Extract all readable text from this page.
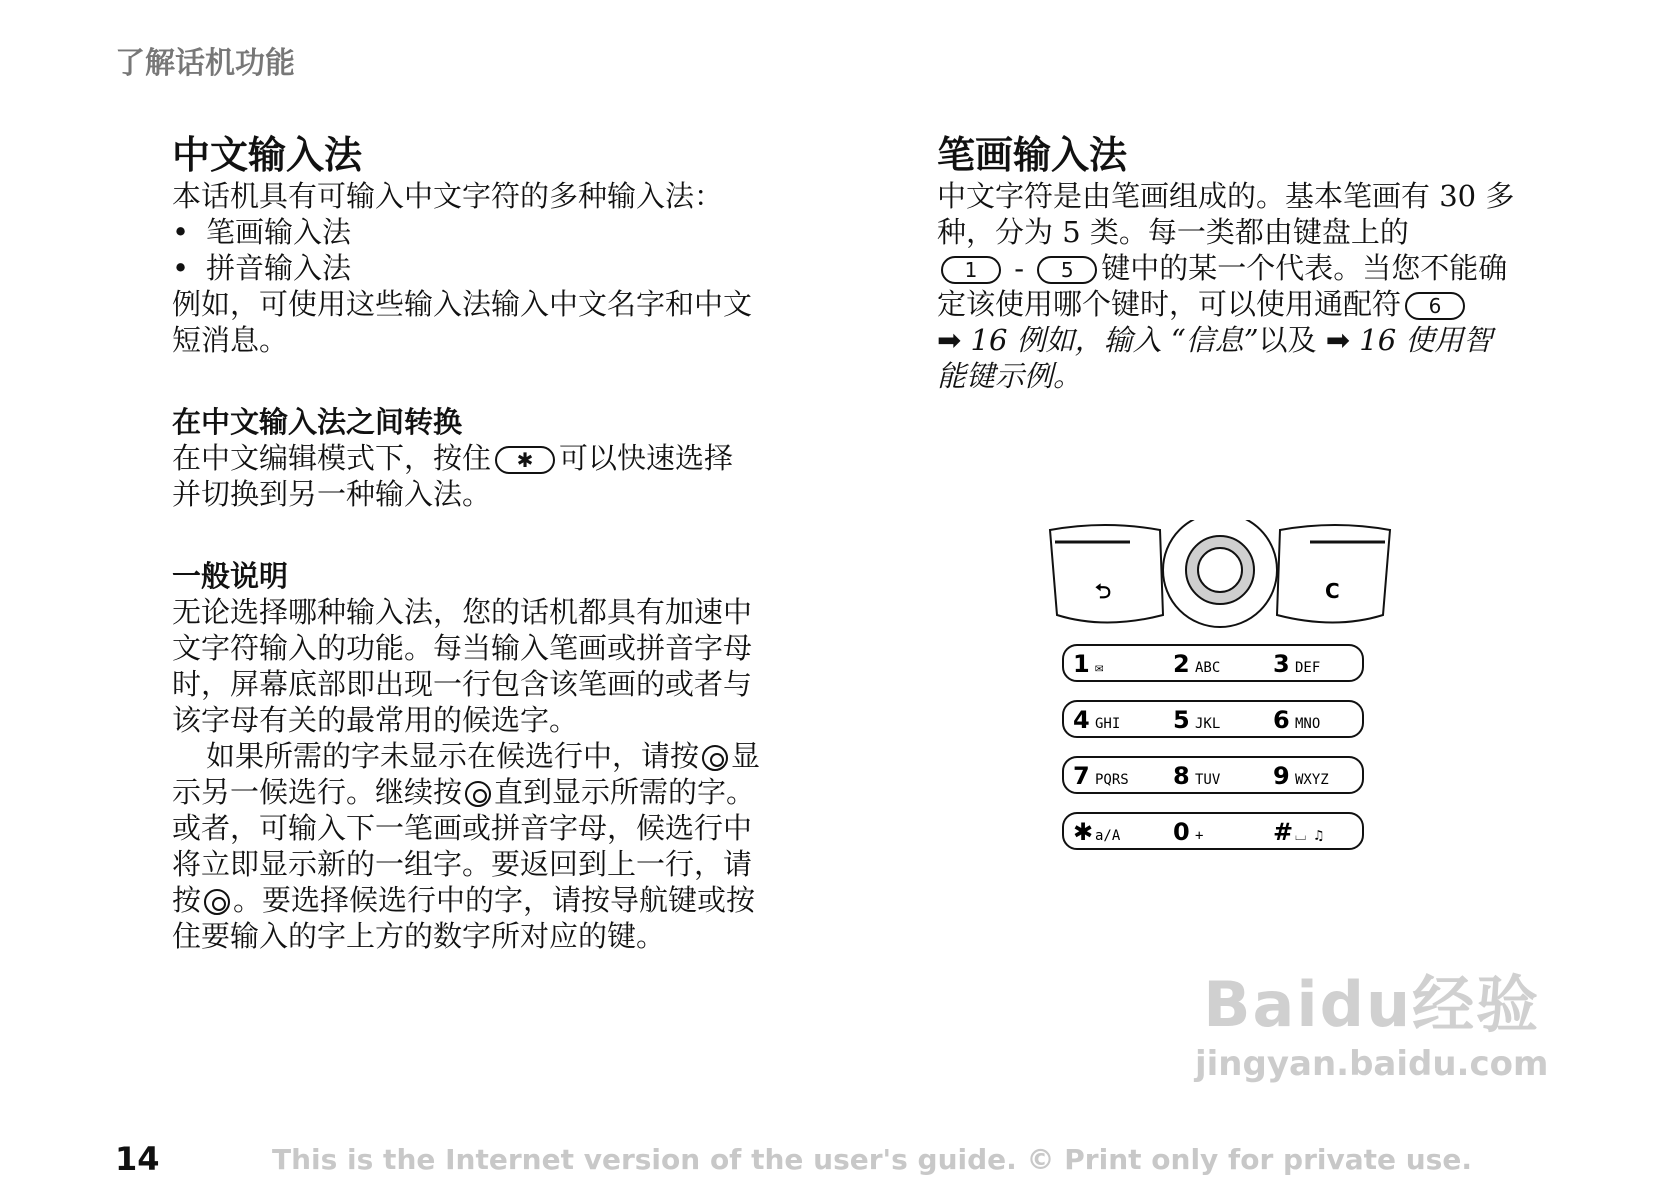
了解话机功能
中文输入法

本话机具有可输入中文字符的多种输入法：

• 笔画输入法
• 拼音输入法

例如，可使用这些输入法输入中文名字和中文

短消息。

在中文输入法之间转换

在中文编辑模式下，按住 ✱ 可以快速选择

并切换到另一种输入法。

一般说明

无论选择哪种输入法，您的话机都具有加速中

文字符输入的功能。每当输入笔画或拼音字母

时，屏幕底部即出现一行包含该笔画的或者与

该字母有关的最常用的候选字。

如果所需的字未显示在候选行中，请按 显

示另一候选行。继续按 直到显示所需的字。

或者，可输入下一笔画或拼音字母，候选行中

将立即显示新的一组字。要返回到上一行，请

按 。要选择候选行中的字，请按导航键或按

住要输入的字上方的数字所对应的键。

笔画输入法

中文字符是由笔画组成的。基本笔画有 30 多

种，分为 5 类。每一类都由键盘上的

1 - 5 键中的某一个代表。当您不能确

定该使用哪个键时，可以使用通配符 6

➡ 16 例如，输入 “信息”以及 ➡ 16 使用智

能键示例。

⮌	C
1 ✉	2 ABC 3 DEF
4 GHI 5 JKL 6 MNO
7 PQRS 8 TUV 9 WXYZ
✱ a/A 0 +	# ⌴ ♫
Baidu经验
jingyan.baidu.com
14	This is the Internet version of the user's guide. © Print only for private use.
